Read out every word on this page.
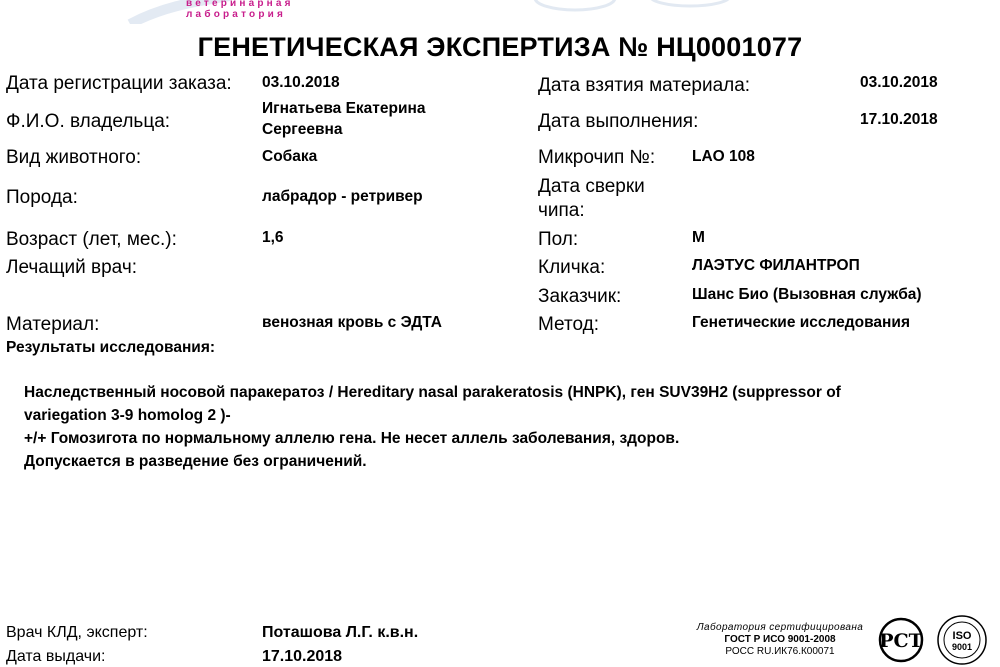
ветеринарная
лаборатория
ГЕНЕТИЧЕСКАЯ ЭКСПЕРТИЗА № НЦ0001077
Дата регистрации заказа: 03.10.2018
Ф.И.О. владельца:
Игнатьева Екатерина
Сергеевна
Вид животного:	Собака
Порода:	лабрадор - ретривер
Возраст (лет, мес.):	1,6
Лечащий врач:
Материал:	венозная кровь с ЭДТА
Дата взятия материала:	03.10.2018
Дата выполнения:	17.10.2018
Микрочип №: LAO 108
Дата сверки
чипа:
Пол:	М
Кличка:	ЛАЭТУС ФИЛАНТРОП
Заказчик:	Шанс Био (Вызовная служба)
Метод:	Генетические исследования
Результаты исследования:

Наследственный носовой паракератоз / Hereditary nasal parakeratosis (HNPK), ген SUV39H2 (suppressor of

variegation 3-9 homolog 2 )-

+/+ Гомозигота по нормальному аллелю гена. Не несет аллель заболевания, здоров.

Допускается в разведение без ограничений.

Врач КЛД, эксперт:	Поташова Л.Г. к.в.н.
Дата выдачи:	17.10.2018
Лаборатория сертифицирована
ГОСТ Р ИСО 9001-2008
РОСС RU.ИК76.К00071	РСТ	ISO
9001
